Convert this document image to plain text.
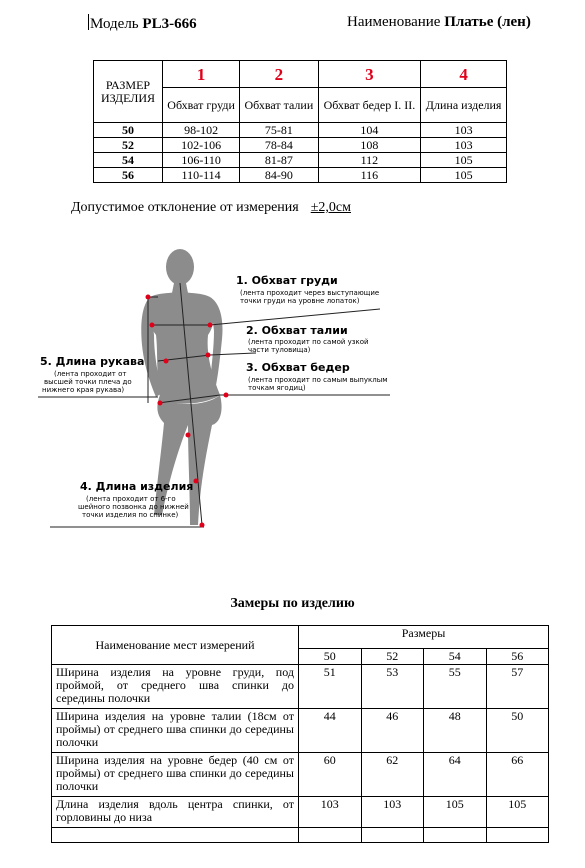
Модель PL3-666	Наименование Платье (лен)
РАЗМЕР ИЗДЕЛИЯ	1	2	3	4
	Обхват груди	Обхват талии	Обхват бедер I. II.	Длина изделия
50	98-102	75-81	104	103
52	102-106	78-84	108	103
54	106-110	81-87	112	105
56	110-114	84-90	116	105
Допустимое отклонение от измерения ±2,0см
1. Обхват груди
(лента проходит через выступающие
точки груди на уровне лопаток)
2. Обхват талии
(лента проходит по самой узкой
части туловища)
3. Обхват бедер
(лента проходит по самым выпуклым
точкам ягодиц)
5. Длина рукава
(лента проходит от
высшей точки плеча до
нижнего края рукава)
4. Длина изделия
(лента проходит от 6-го
шейного позвонка до нижней
точки изделия по спинке)
Замеры по изделию
Наименование мест измерений	Размеры			
	50	52	54	56
Ширина изделия на уровне груди, под проймой, от среднего шва спинки до середины полочки	51	53	55	57
Ширина изделия на уровне талии (18см от проймы) от среднего шва спинки до середины полочки	44	46	48	50
Ширина изделия на уровне бедер (40 см от проймы) от среднего шва спинки до середины полочки	60	62	64	66
Длина изделия вдоль центра спинки, от горловины до низа	103	103	105	105
